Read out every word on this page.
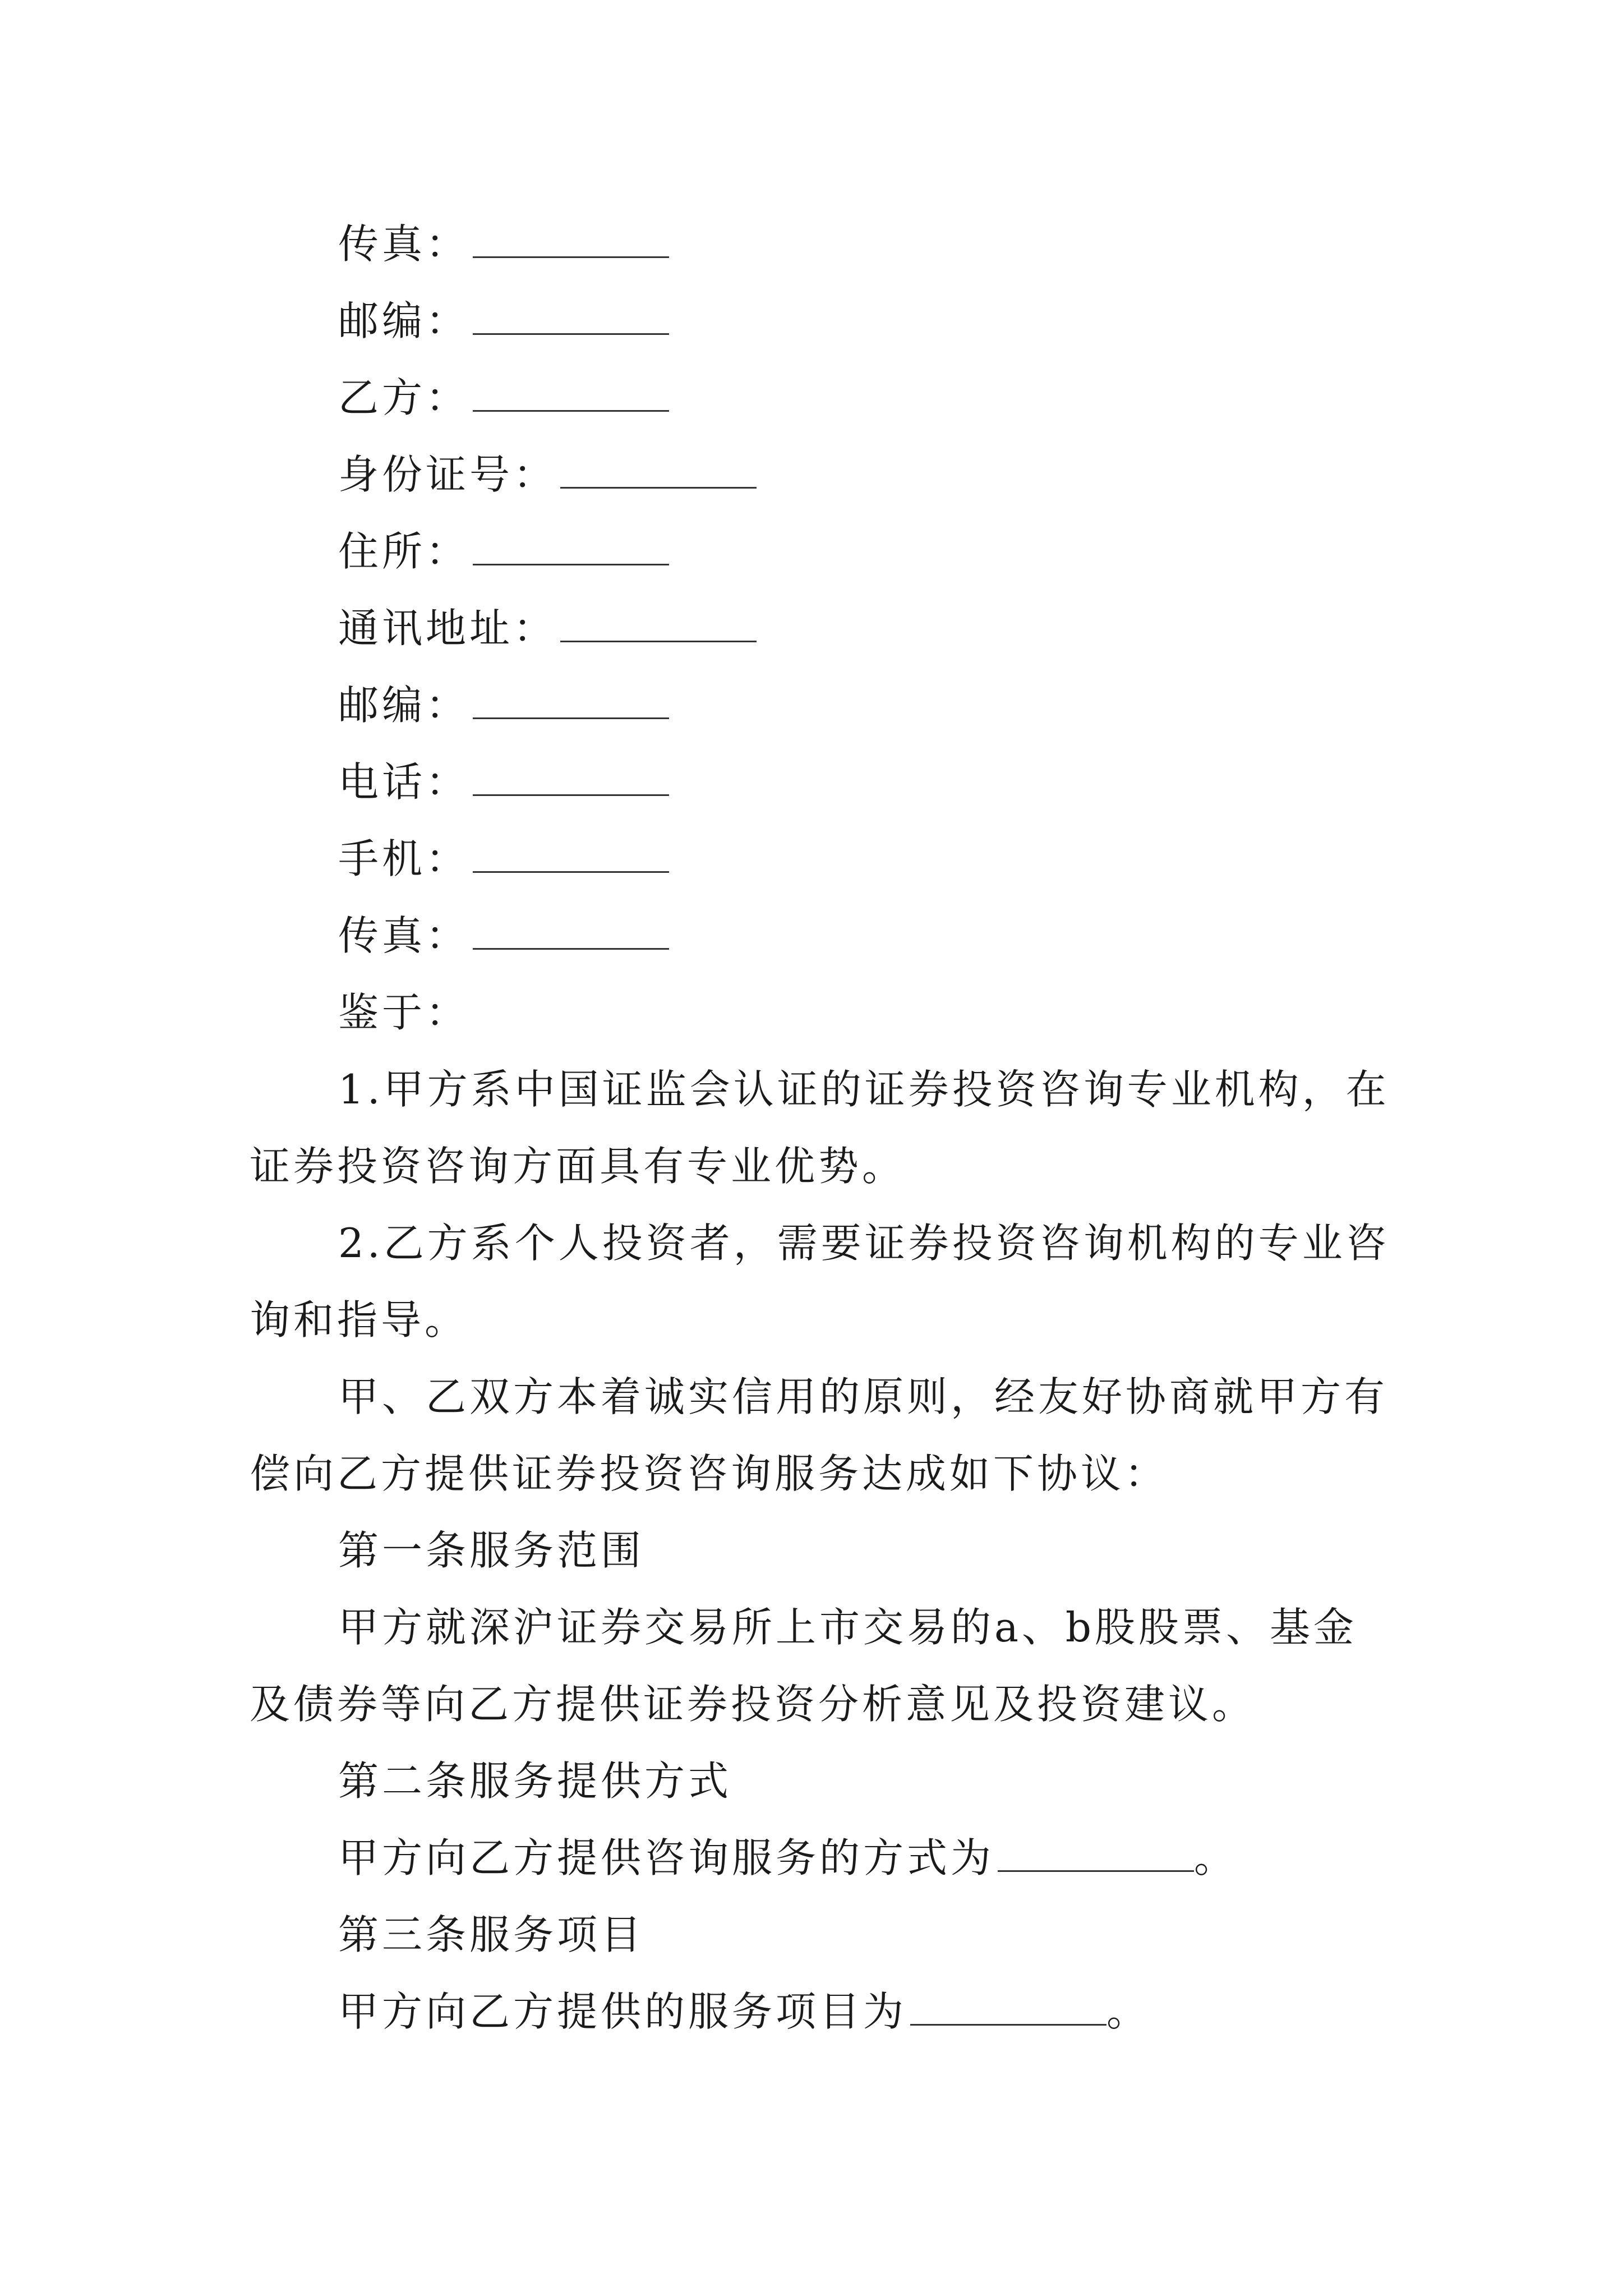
传真：
邮编：
乙方：
身份证号：
住所：
通讯地址：
邮编：
电话：
手机：
传真：
鉴于：
1.甲方系中国证监会认证的证券投资咨询专业机构，在
证券投资咨询方面具有专业优势。
2.乙方系个人投资者，需要证券投资咨询机构的专业咨
询和指导。
甲、乙双方本着诚实信用的原则，经友好协商就甲方有
偿向乙方提供证券投资咨询服务达成如下协议：
第一条服务范围
甲方就深沪证券交易所上市交易的a、b股股票、基金
及债券等向乙方提供证券投资分析意见及投资建议。
第二条服务提供方式
甲方向乙方提供咨询服务的方式为	。
第三条服务项目
甲方向乙方提供的服务项目为	。
